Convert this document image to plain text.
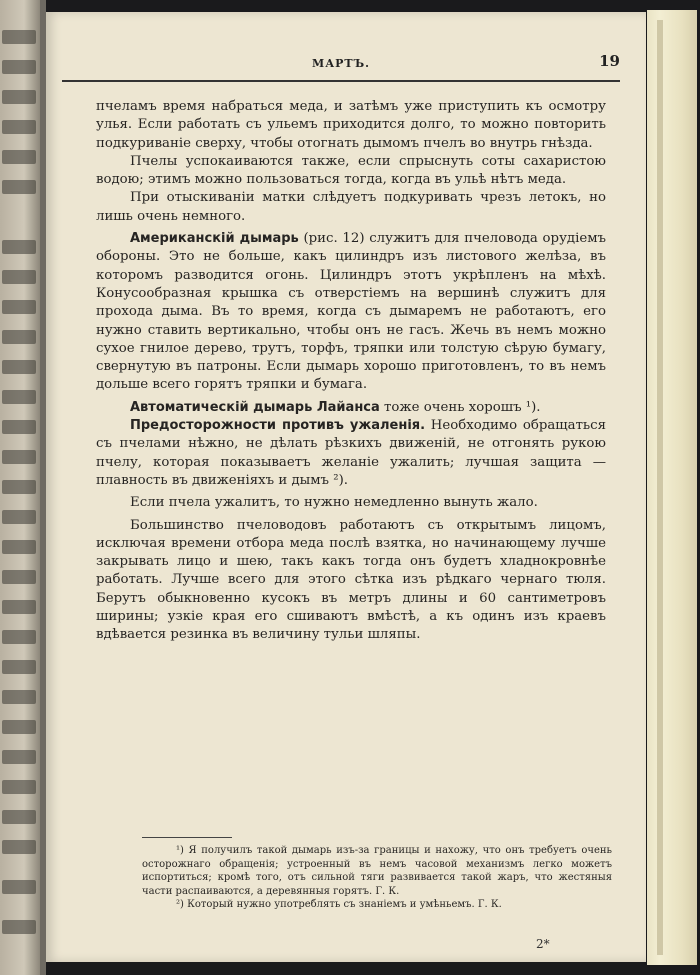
МАРТЪ.	19

пчеламъ время набраться меда, и затѣмъ уже приступить къ осмотру улья. Если работать съ ульемъ приходится долго, то можно повторить подкуриваніе сверху, чтобы отогнать дымомъ пчелъ во внутрь гнѣзда.

Пчелы успокаиваются также, если спрыснуть соты сахаристою водою; этимъ можно пользоваться тогда, когда въ ульѣ нѣтъ меда.

При отыскиваніи матки слѣдуетъ подкуривать чрезъ летокъ, но лишь очень немного.

Американскій дымарь (рис. 12) служитъ для пчеловода орудіемъ обороны. Это не больше, какъ цилиндръ изъ листового желѣза, въ которомъ разводится огонь. Цилиндръ этотъ укрѣпленъ на мѣхѣ. Конусообразная крышка съ отверстіемъ на вершинѣ служитъ для прохода дыма. Въ то время, когда съ дымаремъ не работаютъ, его нужно ставить вертикально, чтобы онъ не гасъ. Жечь въ немъ можно сухое гнилое дерево, трутъ, торфъ, тряпки или толстую сѣрую бумагу, свернутую въ патроны. Если дымарь хорошо приготовленъ, то въ немъ дольше всего горятъ тряпки и бумага.

Автоматическій дымарь Лайанса тоже очень хорошъ ¹).

Предосторожности противъ ужаленія. Необходимо обращаться съ пчелами нѣжно, не дѣлать рѣзкихъ движеній, не отгонять рукою пчелу, которая показываетъ желаніе ужалить; лучшая защита — плавность въ движеніяхъ и дымъ ²).

Если пчела ужалитъ, то нужно немедленно вынуть жало.

Большинство пчеловодовъ работаютъ съ открытымъ лицомъ, исключая времени отбора меда послѣ взятка, но начинающему лучше закрывать лицо и шею, такъ какъ тогда онъ будетъ хладнокровнѣе работать. Лучше всего для этого сѣтка изъ рѣдкаго чернаго тюля. Берутъ обыкновенно кусокъ въ метръ длины и 60 сантиметровъ ширины; узкіе края его сшиваютъ вмѣстѣ, а къ одинъ изъ краевъ вдѣвается резинка въ величину тульи шляпы.

¹) Я получилъ такой дымарь изъ-за границы и нахожу, что онъ требуетъ очень осторожнаго обращенія; устроенный въ немъ часовой механизмъ легко можетъ испортиться; кромѣ того, отъ сильной тяги развивается такой жаръ, что жестяныя части распаиваются, а деревянныя горятъ. Г. К.

²) Который нужно употреблять съ знаніемъ и умѣньемъ. Г. К.

2*
